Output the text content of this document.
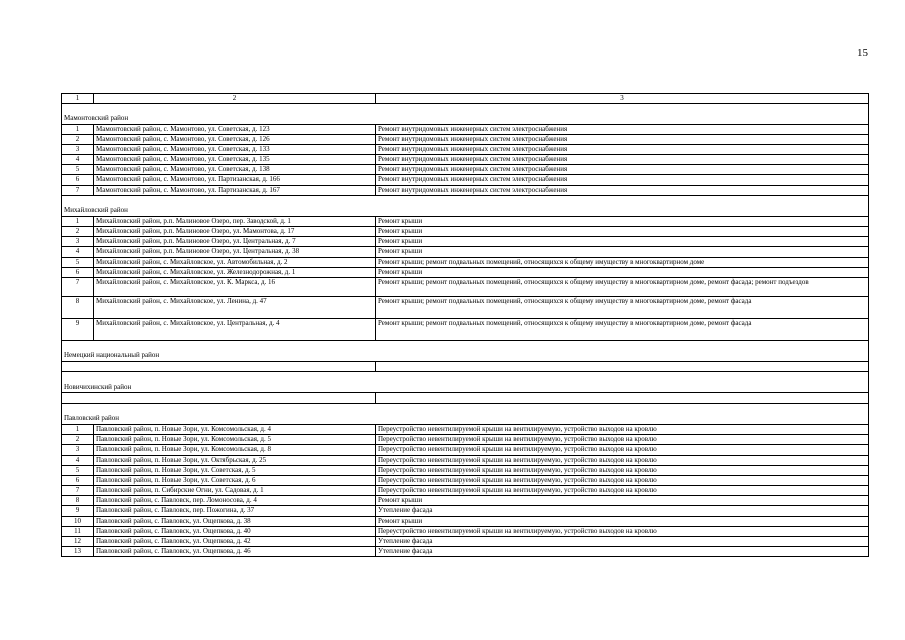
15
1	2	3

Мамонтовский район		
1	Мамонтовский район, с. Мамонтово, ул. Советская, д. 123	Ремонт внутридомовых инженерных систем электроснабжения
2	Мамонтовский район, с. Мамонтово, ул. Советская, д. 126	Ремонт внутридомовых инженерных систем электроснабжения
3	Мамонтовский район, с. Мамонтово, ул. Советская, д. 133	Ремонт внутридомовых инженерных систем электроснабжения
4	Мамонтовский район, с. Мамонтово, ул. Советская, д. 135	Ремонт внутридомовых инженерных систем электроснабжения
5	Мамонтовский район, с. Мамонтово, ул. Советская, д. 138	Ремонт внутридомовых инженерных систем электроснабжения
6	Мамонтовский район, с. Мамонтово, ул. Партизанская, д. 166	Ремонт внутридомовых инженерных систем электроснабжения
7	Мамонтовский район, с. Мамонтово, ул. Партизанская, д. 167	Ремонт внутридомовых инженерных систем электроснабжения

Михайловский район		
1	Михайловский район, р.п. Малиновое Озеро, пер. Заводской, д. 1	Ремонт крыши
2	Михайловский район, р.п. Малиновое Озеро, ул. Мамонтова, д. 17	Ремонт крыши
3	Михайловский район, р.п. Малиновое Озеро, ул. Центральная, д. 7	Ремонт крыши
4	Михайловский район, р.п. Малиновое Озеро, ул. Центральная, д. 38	Ремонт крыши
5	Михайловский район, с. Михайловское, ул. Автомобильная, д. 2	Ремонт крыши; ремонт подвальных помещений, относящихся к общему имуществу в многоквартирном доме
6	Михайловский район, с. Михайловское, ул. Железнодорожная, д. 1	Ремонт крыши
7	Михайловский район, с. Михайловское, ул. К. Маркса, д. 16	Ремонт крыши; ремонт подвальных помещений, относящихся к общему имуществу в многоквартирном доме, ремонт фасада; ремонт подъездов
8	Михайловский район, с. Михайловское, ул. Ленина, д. 47	Ремонт крыши; ремонт подвальных помещений, относящихся к общему имуществу в многоквартирном доме, ремонт фасада
9	Михайловский район, с. Михайловское, ул. Центральная, д. 4	Ремонт крыши; ремонт подвальных помещений, относящихся к общему имуществу в многоквартирном доме, ремонт фасада

Немецкий национальный район		

Новичихинский район		

Павловский район		
1	Павловский район, п. Новые Зори, ул. Комсомольская, д. 4	Переустройство невентилируемой крыши на вентилируемую, устройство выходов на кровлю
2	Павловский район, п. Новые Зори, ул. Комсомольская, д. 5	Переустройство невентилируемой крыши на вентилируемую, устройство выходов на кровлю
3	Павловский район, п. Новые Зори, ул. Комсомольская, д. 8	Переустройство невентилируемой крыши на вентилируемую, устройство выходов на кровлю
4	Павловский район, п. Новые Зори, ул. Октябрьская, д. 25	Переустройство невентилируемой крыши на вентилируемую, устройство выходов на кровлю
5	Павловский район, п. Новые Зори, ул. Советская, д. 5	Переустройство невентилируемой крыши на вентилируемую, устройство выходов на кровлю
6	Павловский район, п. Новые Зори, ул. Советская, д. 6	Переустройство невентилируемой крыши на вентилируемую, устройство выходов на кровлю
7	Павловский район, п. Сибирские Огни, ул. Садовая, д. 1	Переустройство невентилируемой крыши на вентилируемую, устройство выходов на кровлю
8	Павловский район, с. Павловск, пер. Ломоносова, д. 4	Ремонт крыши
9	Павловский район, с. Павловск, пер. Пожогина, д. 37	Утепление фасада
10	Павловский район, с. Павловск, ул. Ощепкова, д. 38	Ремонт крыши
11	Павловский район, с. Павловск, ул. Ощепкова, д. 40	Переустройство невентилируемой крыши на вентилируемую, устройство выходов на кровлю
12	Павловский район, с. Павловск, ул. Ощепкова, д. 42	Утепление фасада
13	Павловский район, с. Павловск, ул. Ощепкова, д. 46	Утепление фасада
